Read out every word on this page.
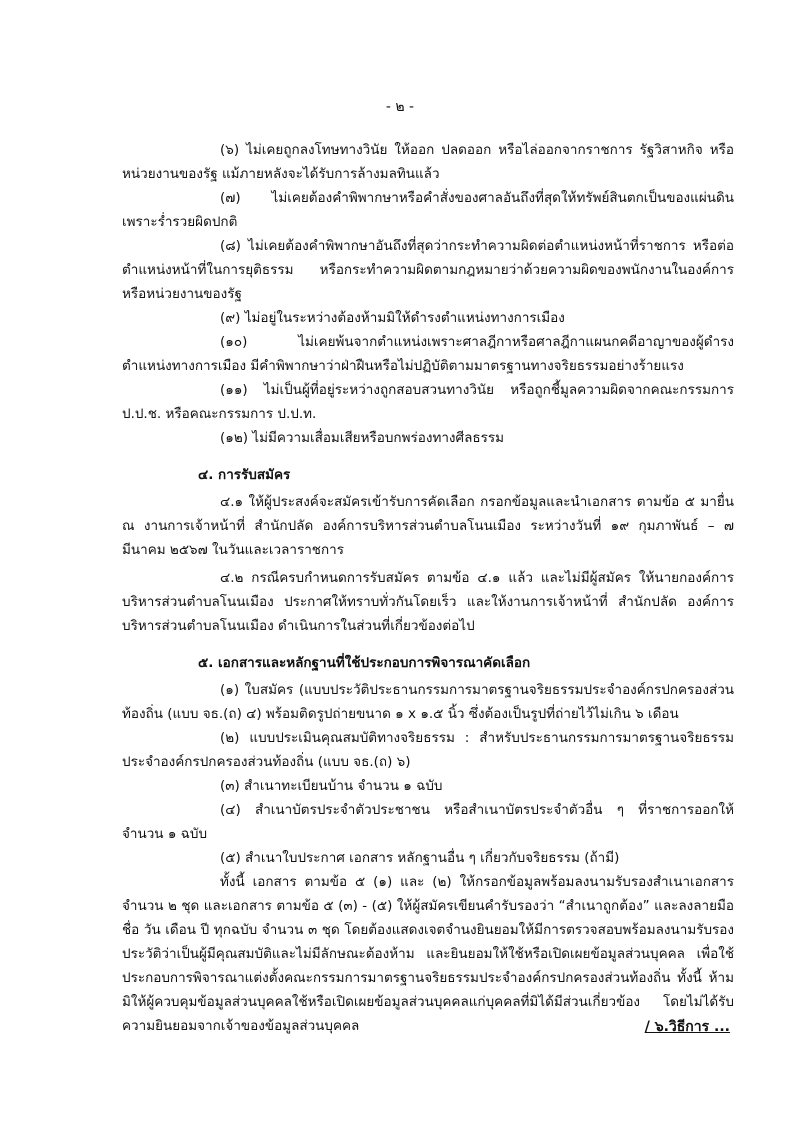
- ๒ -

(๖) ไม่เคยถูกลงโทษทางวินัย ให้ออก ปลดออก หรือไล่ออกจากราชการ รัฐวิสาหกิจ หรือหน่วยงานของรัฐ แม้ภายหลังจะได้รับการล้างมลทินแล้ว

(๗) ไม่เคยต้องคำพิพากษาหรือคำสั่งของศาลอันถึงที่สุดให้ทรัพย์สินตกเป็นของแผ่นดิน เพราะร่ำรวยผิดปกติ

(๘) ไม่เคยต้องคำพิพากษาอันถึงที่สุดว่ากระทำความผิดต่อตำแหน่งหน้าที่ราชการ หรือต่อตำแหน่งหน้าที่ในการยุติธรรม หรือกระทำความผิดตามกฎหมายว่าด้วยความผิดของพนักงานในองค์การ หรือหน่วยงานของรัฐ

(๙) ไม่อยู่ในระหว่างต้องห้ามมิให้ดำรงตำแหน่งทางการเมือง

(๑๐) ไม่เคยพ้นจากตำแหน่งเพราะศาลฎีกาหรือศาลฎีกาแผนกคดีอาญาของผู้ดำรงตำแหน่งทางการเมือง มีคำพิพากษาว่าฝ่าฝืนหรือไม่ปฏิบัติตามมาตรฐานทางจริยธรรมอย่างร้ายแรง

(๑๑) ไม่เป็นผู้ที่อยู่ระหว่างถูกสอบสวนทางวินัย หรือถูกชี้มูลความผิดจากคณะกรรมการ ป.ป.ช. หรือคณะกรรมการ ป.ป.ท.

(๑๒) ไม่มีความเสื่อมเสียหรือบกพร่องทางศีลธรรม

๔. การรับสมัคร

๔.๑ ให้ผู้ประสงค์จะสมัครเข้ารับการคัดเลือก กรอกข้อมูลและนำเอกสาร ตามข้อ ๕ มายื่น ณ งานการเจ้าหน้าที่ สำนักปลัด องค์การบริหารส่วนตำบลโนนเมือง ระหว่างวันที่ ๑๙ กุมภาพันธ์ – ๗ มีนาคม ๒๕๖๗ ในวันและเวลาราชการ

๔.๒ กรณีครบกำหนดการรับสมัคร ตามข้อ ๔.๑ แล้ว และไม่มีผู้สมัคร ให้นายกองค์การบริหารส่วนตำบลโนนเมือง ประกาศให้ทราบทั่วกันโดยเร็ว และให้งานการเจ้าหน้าที่ สำนักปลัด องค์การบริหารส่วนตำบลโนนเมือง ดำเนินการในส่วนที่เกี่ยวข้องต่อไป

๕. เอกสารและหลักฐานที่ใช้ประกอบการพิจารณาคัดเลือก

(๑) ใบสมัคร (แบบประวัติประธานกรรมการมาตรฐานจริยธรรมประจำองค์กรปกครองส่วนท้องถิ่น (แบบ จธ.(ถ) ๔) พร้อมติดรูปถ่ายขนาด ๑ x ๑.๕ นิ้ว ซึ่งต้องเป็นรูปที่ถ่ายไว้ไม่เกิน ๖ เดือน

(๒) แบบประเมินคุณสมบัติทางจริยธรรม : สำหรับประธานกรรมการมาตรฐานจริยธรรมประจำองค์กรปกครองส่วนท้องถิ่น (แบบ จธ.(ถ) ๖)

(๓) สำเนาทะเบียนบ้าน จำนวน ๑ ฉบับ

(๔) สำเนาบัตรประจำตัวประชาชน หรือสำเนาบัตรประจำตัวอื่น ๆ ที่ราชการออกให้ จำนวน ๑ ฉบับ

(๕) สำเนาใบประกาศ เอกสาร หลักฐานอื่น ๆ เกี่ยวกับจริยธรรม (ถ้ามี)

ทั้งนี้ เอกสาร ตามข้อ ๕ (๑) และ (๒) ให้กรอกข้อมูลพร้อมลงนามรับรองสำเนาเอกสาร จำนวน ๒ ชุด และเอกสาร ตามข้อ ๕ (๓) - (๕) ให้ผู้สมัครเขียนคำรับรองว่า “สำเนาถูกต้อง” และลงลายมือชื่อ วัน เดือน ปี ทุกฉบับ จำนวน ๓ ชุด โดยต้องแสดงเจตจำนงยินยอมให้มีการตรวจสอบพร้อมลงนามรับรองประวัติว่าเป็นผู้มีคุณสมบัติและไม่มีลักษณะต้องห้าม และยินยอมให้ใช้หรือเปิดเผยข้อมูลส่วนบุคคล เพื่อใช้ประกอบการพิจารณาแต่งตั้งคณะกรรมการมาตรฐานจริยธรรมประจำองค์กรปกครองส่วนท้องถิ่น ทั้งนี้ ห้ามมิให้ผู้ควบคุมข้อมูลส่วนบุคคลใช้หรือเปิดเผยข้อมูลส่วนบุคคลแก่บุคคลที่มิได้มีส่วนเกี่ยวข้อง โดยไม่ได้รับความยินยอมจากเจ้าของข้อมูลส่วนบุคคล	/ ๖.วิธีการ ...
